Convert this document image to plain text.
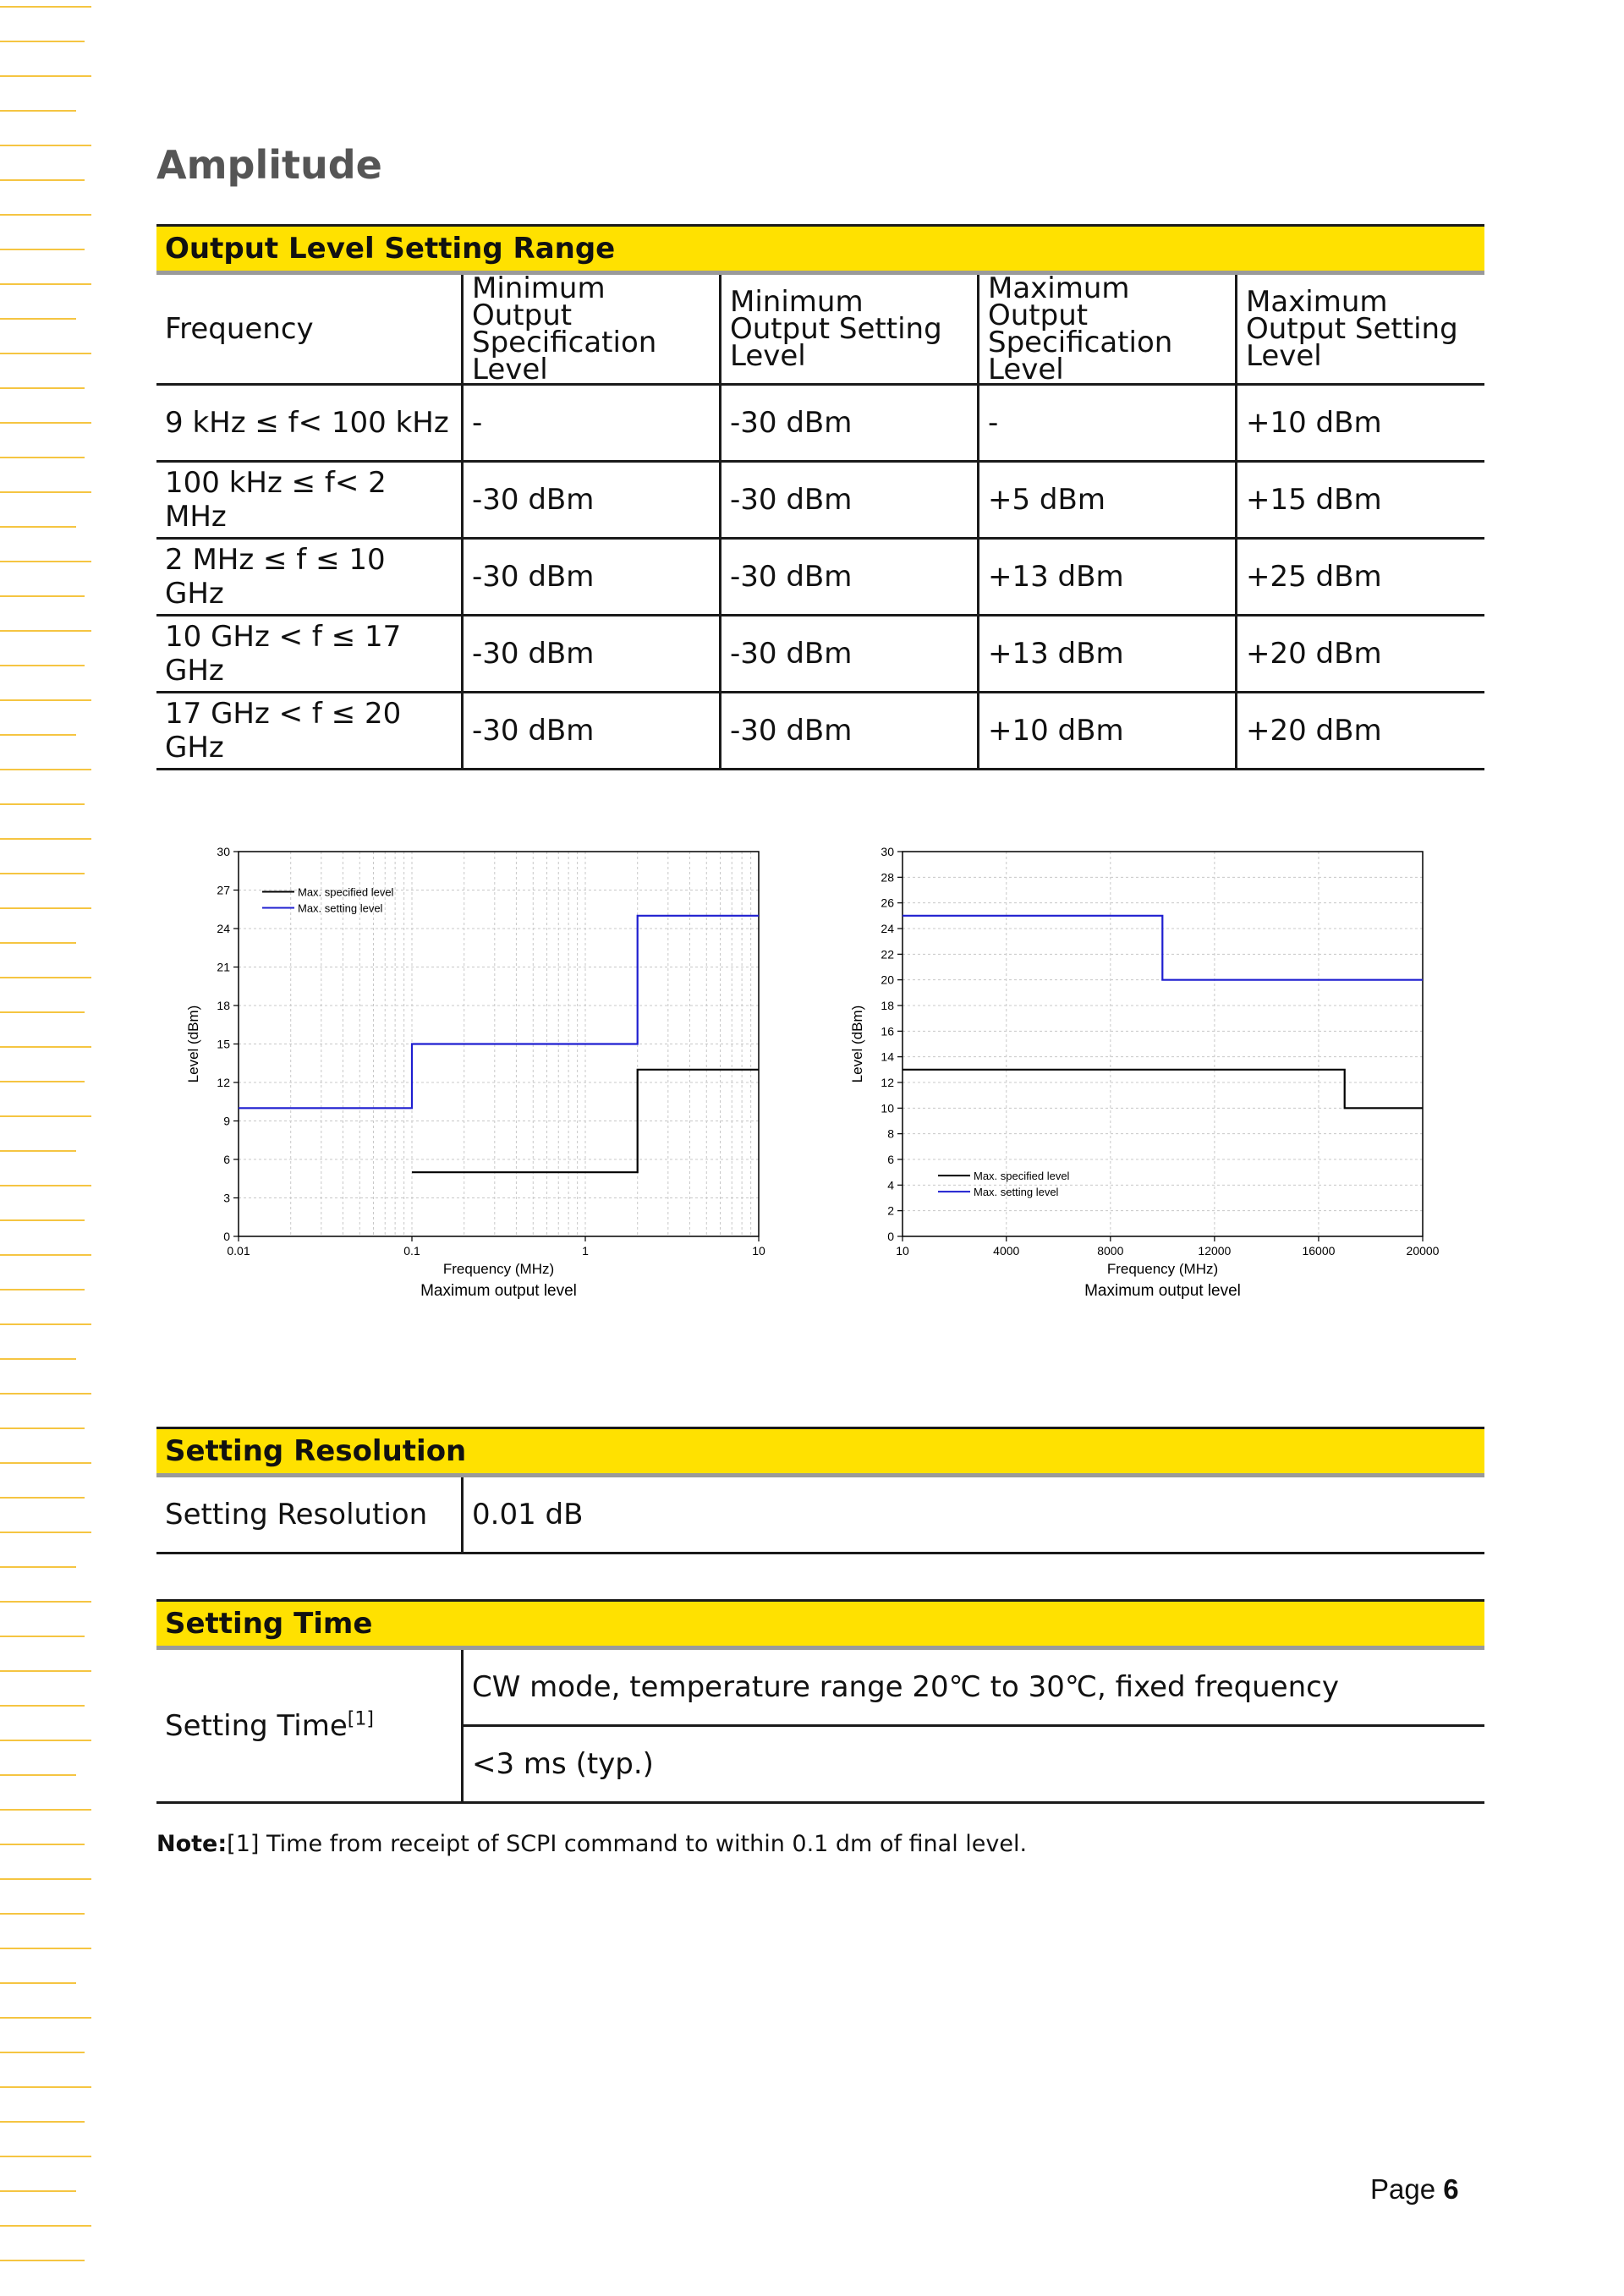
Amplitude
Output Level Setting Range				
Frequency	Minimum Output Specification Level	Minimum Output Setting Level	Maximum Output Specification Level	Maximum Output Setting Level
9 kHz ≤ f< 100 kHz	-	-30 dBm	-	+10 dBm
100 kHz ≤ f< 2 MHz	-30 dBm	-30 dBm	+5 dBm	+15 dBm
2 MHz ≤ f ≤ 10 GHz	-30 dBm	-30 dBm	+13 dBm	+25 dBm
10 GHz < f ≤ 17 GHz	-30 dBm	-30 dBm	+13 dBm	+20 dBm
17 GHz < f ≤ 20 GHz	-30 dBm	-30 dBm	+10 dBm	+20 dBm
0
3
6
9
12
15
18
21
24
27
30
0.01	0.1	1	10
Max. specified level
Max. setting level
Frequency (MHz)
Maximum output level
Level (dBm)
0
2
4
6
8
10
12
14
16
18
20
22
24
26
28
30
10	4000	8000	12000	16000	20000
Max. specified level
Max. setting level
Frequency (MHz)
Maximum output level
Level (dBm)
Setting Resolution
Setting Resolution	0.01 dB
Setting Time
Setting Time[1]	CW mode, temperature range 20℃ to 30℃, fixed frequency
<3 ms (typ.)

Note:[1] Time from receipt of SCPI command to within 0.1 dm of final level.

Page 6
